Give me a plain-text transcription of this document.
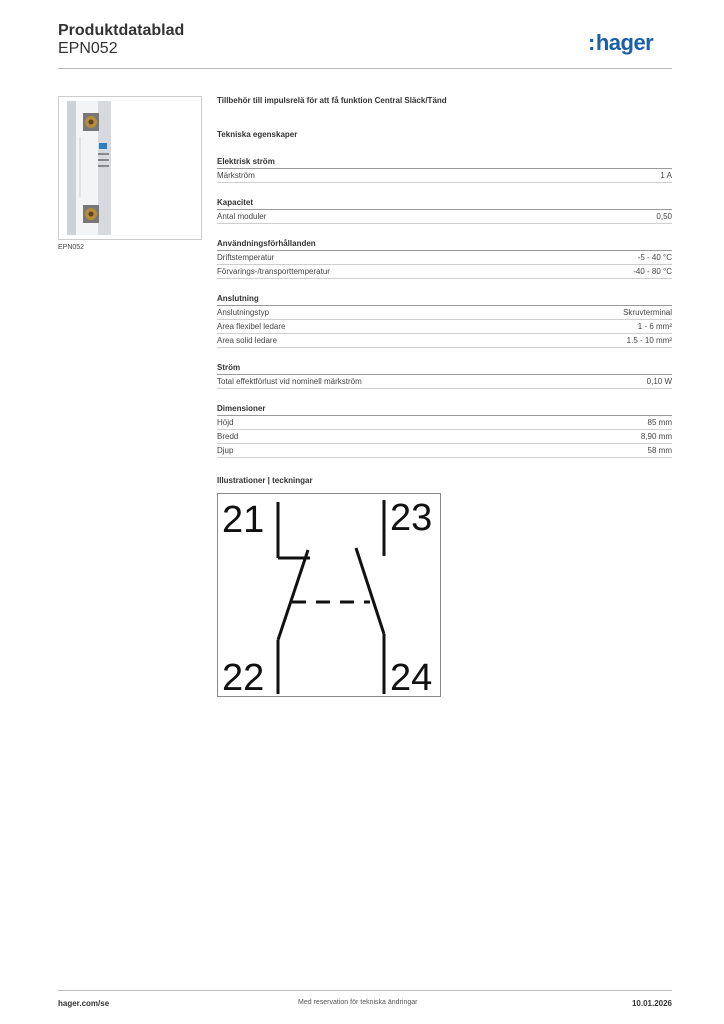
Produktdatablad
EPN052	:hager
EPN052
Tillbehör till impulsrelä för att få funktion Central Släck/Tänd
Tekniska egenskaper
Elektrisk ström
Märkström	1 A
Kapacitet
Antal moduler	0,50
Användningsförhållanden
Driftstemperatur	-5 - 40 °C
Förvarings-/transporttemperatur	-40 - 80 °C
Anslutning
Anslutningstyp	Skruvterminal
Area flexibel ledare	1 - 6 mm²
Area solid ledare	1.5 - 10 mm²
Ström
Total effektförlust vid nominell märkström	0,10 W
Dimensioner
Höjd	85 mm
Bredd	8,90 mm
Djup	58 mm
Illustrationer | teckningar
21	23
22	24
hager.com/se	Med reservation för tekniska ändringar	10.01.2026
